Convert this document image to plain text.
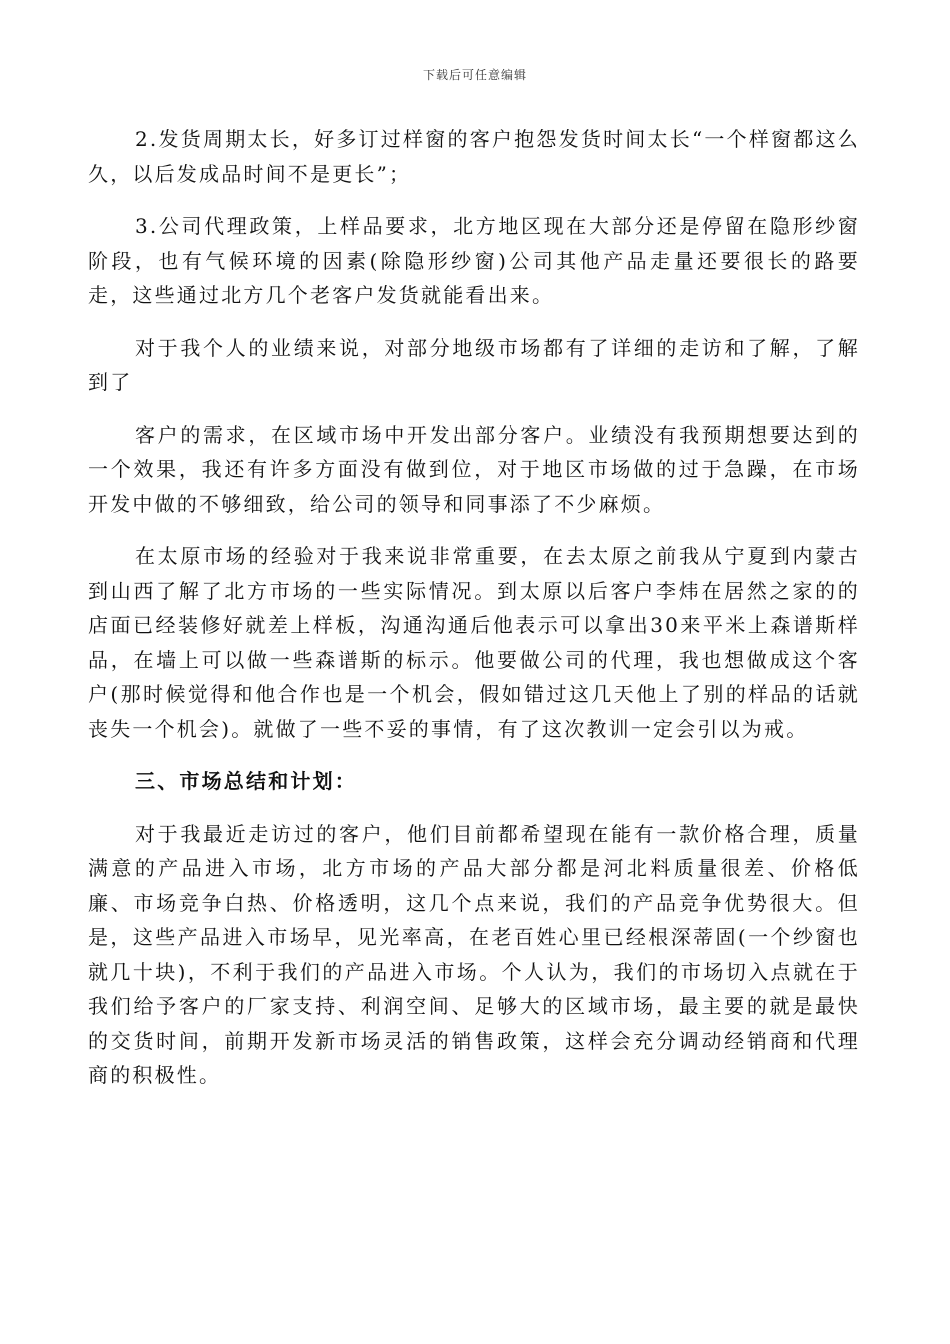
下载后可任意编辑

2.发货周期太长，好多订过样窗的客户抱怨发货时间太长“一个样窗都这么久，以后发成品时间不是更长”；

3.公司代理政策，上样品要求，北方地区现在大部分还是停留在隐形纱窗阶段，也有气候环境的因素(除隐形纱窗)公司其他产品走量还要很长的路要走，这些通过北方几个老客户发货就能看出来。

对于我个人的业绩来说，对部分地级市场都有了详细的走访和了解，了解到了

客户的需求，在区域市场中开发出部分客户。业绩没有我预期想要达到的一个效果，我还有许多方面没有做到位，对于地区市场做的过于急躁，在市场开发中做的不够细致，给公司的领导和同事添了不少麻烦。

在太原市场的经验对于我来说非常重要，在去太原之前我从宁夏到内蒙古到山西了解了北方市场的一些实际情况。到太原以后客户李炜在居然之家的的店面已经装修好就差上样板，沟通沟通后他表示可以拿出30来平米上森谱斯样品，在墙上可以做一些森谱斯的标示。他要做公司的代理，我也想做成这个客户(那时候觉得和他合作也是一个机会，假如错过这几天他上了别的样品的话就丧失一个机会)。就做了一些不妥的事情，有了这次教训一定会引以为戒。

三、市场总结和计划：

对于我最近走访过的客户，他们目前都希望现在能有一款价格合理，质量满意的产品进入市场，北方市场的产品大部分都是河北料质量很差、价格低廉、市场竞争白热、价格透明，这几个点来说，我们的产品竞争优势很大。但是，这些产品进入市场早，见光率高，在老百姓心里已经根深蒂固(一个纱窗也就几十块)，不利于我们的产品进入市场。个人认为，我们的市场切入点就在于我们给予客户的厂家支持、利润空间、足够大的区域市场，最主要的就是最快的交货时间，前期开发新市场灵活的销售政策，这样会充分调动经销商和代理商的积极性。
